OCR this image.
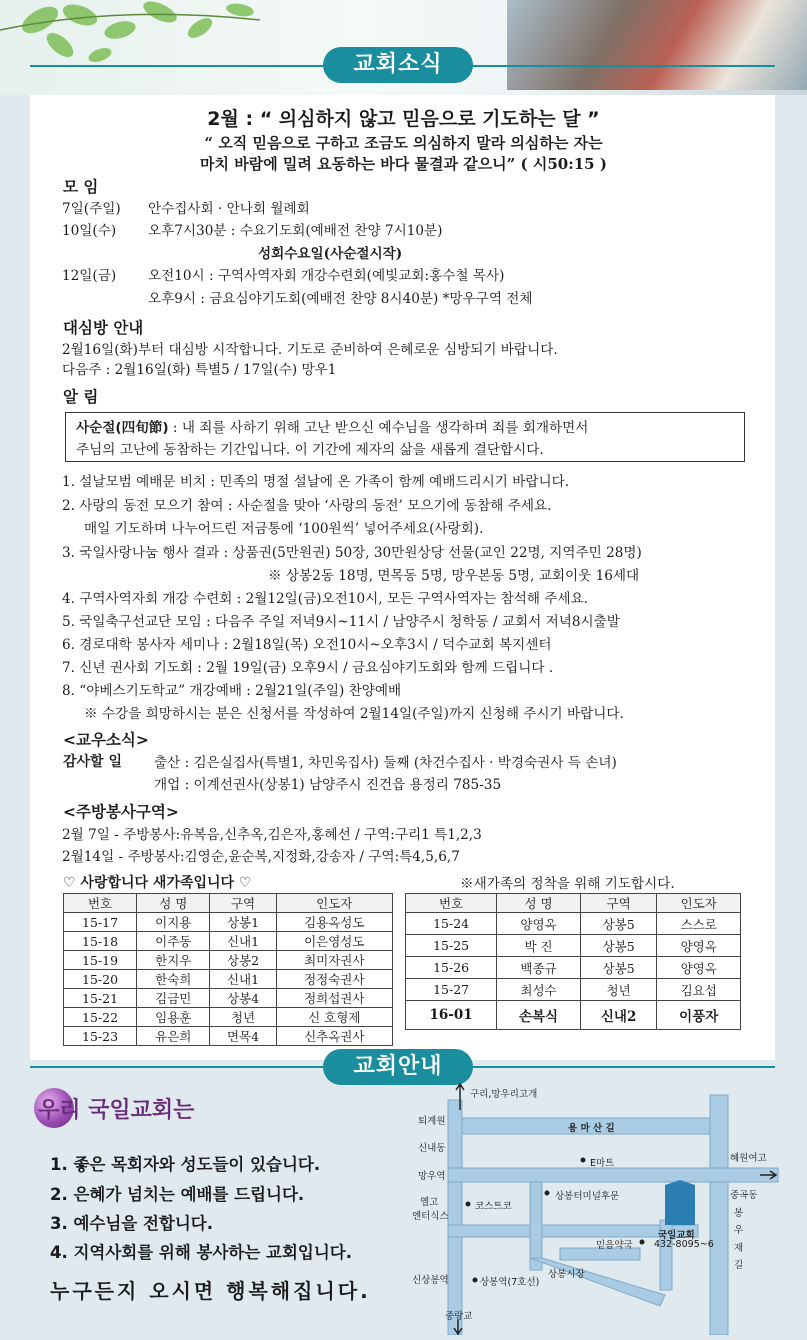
교회소식
2월 : “ 의심하지 않고 믿음으로 기도하는 달 ”
“ 오직 믿음으로 구하고 조금도 의심하지 말라 의심하는 자는
마치 바람에 밀려 요동하는 바다 물결과 같으니” ( 시50:15 )
모 임
7일(주일) 안수집사회 · 안나회 월례회
10일(수) 오후7시30분 : 수요기도회(예배전 찬양 7시10분)
성회수요일(사순절시작)
12일(금) 오전10시 : 구역사역자회 개강수련회(예빛교회:홍수철 목사)
오후9시 : 금요심야기도회(예배전 찬양 8시40분) *망우구역 전체
대심방 안내
2월16일(화)부터 대심방 시작합니다. 기도로 준비하여 은혜로운 심방되기 바랍니다.
다음주 : 2월16일(화) 특별5 / 17일(수) 망우1
알 림
사순절(四旬節) : 내 죄를 사하기 위해 고난 받으신 예수님을 생각하며 죄를 회개하면서
주님의 고난에 동참하는 기간입니다. 이 기간에 제자의 삶을 새롭게 결단합시다.
1. 설날모범 예배문 비치 : 민족의 명절 설날에 온 가족이 함께 예배드리시기 바랍니다.
2. 사랑의 동전 모으기 참여 : 사순절을 맞아 ‘사랑의 동전’ 모으기에 동참해 주세요.
매일 기도하며 나누어드린 저금통에 ‘100원씩’ 넣어주세요(사랑회).
3. 국일사랑나눔 행사 결과 : 상품권(5만원권) 50장, 30만원상당 선물(교인 22명, 지역주민 28명)
※ 상봉2동 18명, 면목동 5명, 망우본동 5명, 교회이웃 16세대
4. 구역사역자회 개강 수련회 : 2월12일(금)오전10시, 모든 구역사역자는 참석해 주세요.
5. 국일축구선교단 모임 : 다음주 주일 저녁9시~11시 / 남양주시 청학동 / 교회서 저녁8시출발
6. 경로대학 봉사자 세미나 : 2월18일(목) 오전10시~오후3시 / 덕수교회 복지센터
7. 신년 권사회 기도회 : 2월 19일(금) 오후9시 / 금요심야기도회와 함께 드립니다 .
8. “야베스기도학교” 개강예배 : 2월21일(주일) 찬양예배
※ 수강을 희망하시는 분은 신청서를 작성하여 2월14일(주일)까지 신청해 주시기 바랍니다.
<교우소식>
감사할 일 출산 : 김은실집사(특별1, 차민욱집사) 둘째 (차건수집사 · 박경숙권사 득 손녀)
개업 : 이계선권사(상봉1) 남양주시 진건읍 용정리 785-35
<주방봉사구역>
2월 7일 - 주방봉사:유복음,신추옥,김은자,홍혜선 / 구역:구리1 특1,2,3
2월14일 - 주방봉사:김영순,윤순복,지정화,강송자 / 구역:특4,5,6,7
♡ 사랑합니다 새가족입니다 ♡	※새가족의 정착을 위해 기도합시다.
번호	성 명	구역	인도자
15-17	이지용	상봉1	김용옥성도
15-18	이주동	신내1	이은영성도
15-19	한지우	상봉2	최미자권사
15-20	한숙희	신내1	정정숙권사
15-21	김금민	상봉4	정희섭권사
15-22	임용훈	청년	신 호형제
15-23	유은희	면목4	신추옥권사
번호	성 명	구역	인도자
15-24	양영옥	상봉5	스스로
15-25	박 진	상봉5	양영옥
15-26	백종규	상봉5	양영옥
15-27	최성수	청년	김요섭
16-01	손복식	신내2	이풍자
교회안내
우리 국일교회는
1. 좋은 목회자와 성도들이 있습니다.
2. 은혜가 넘치는 예배를 드립니다.
3. 예수님을 전합니다.
4. 지역사회를 위해 봉사하는 교회입니다.
누구든지 오시면 행복해집니다.
구리,망우리고개
퇴계원
용 마 산 길
신내동
E마트	혜원여고
망우역
중곡동
옐고
엔터식스
코스트코
상봉터미널후문
국일교회
432-8095~6
믿음약국
봉
우
재
길
상봉시장
신상봉역	상봉역(7호선)
중랑교
